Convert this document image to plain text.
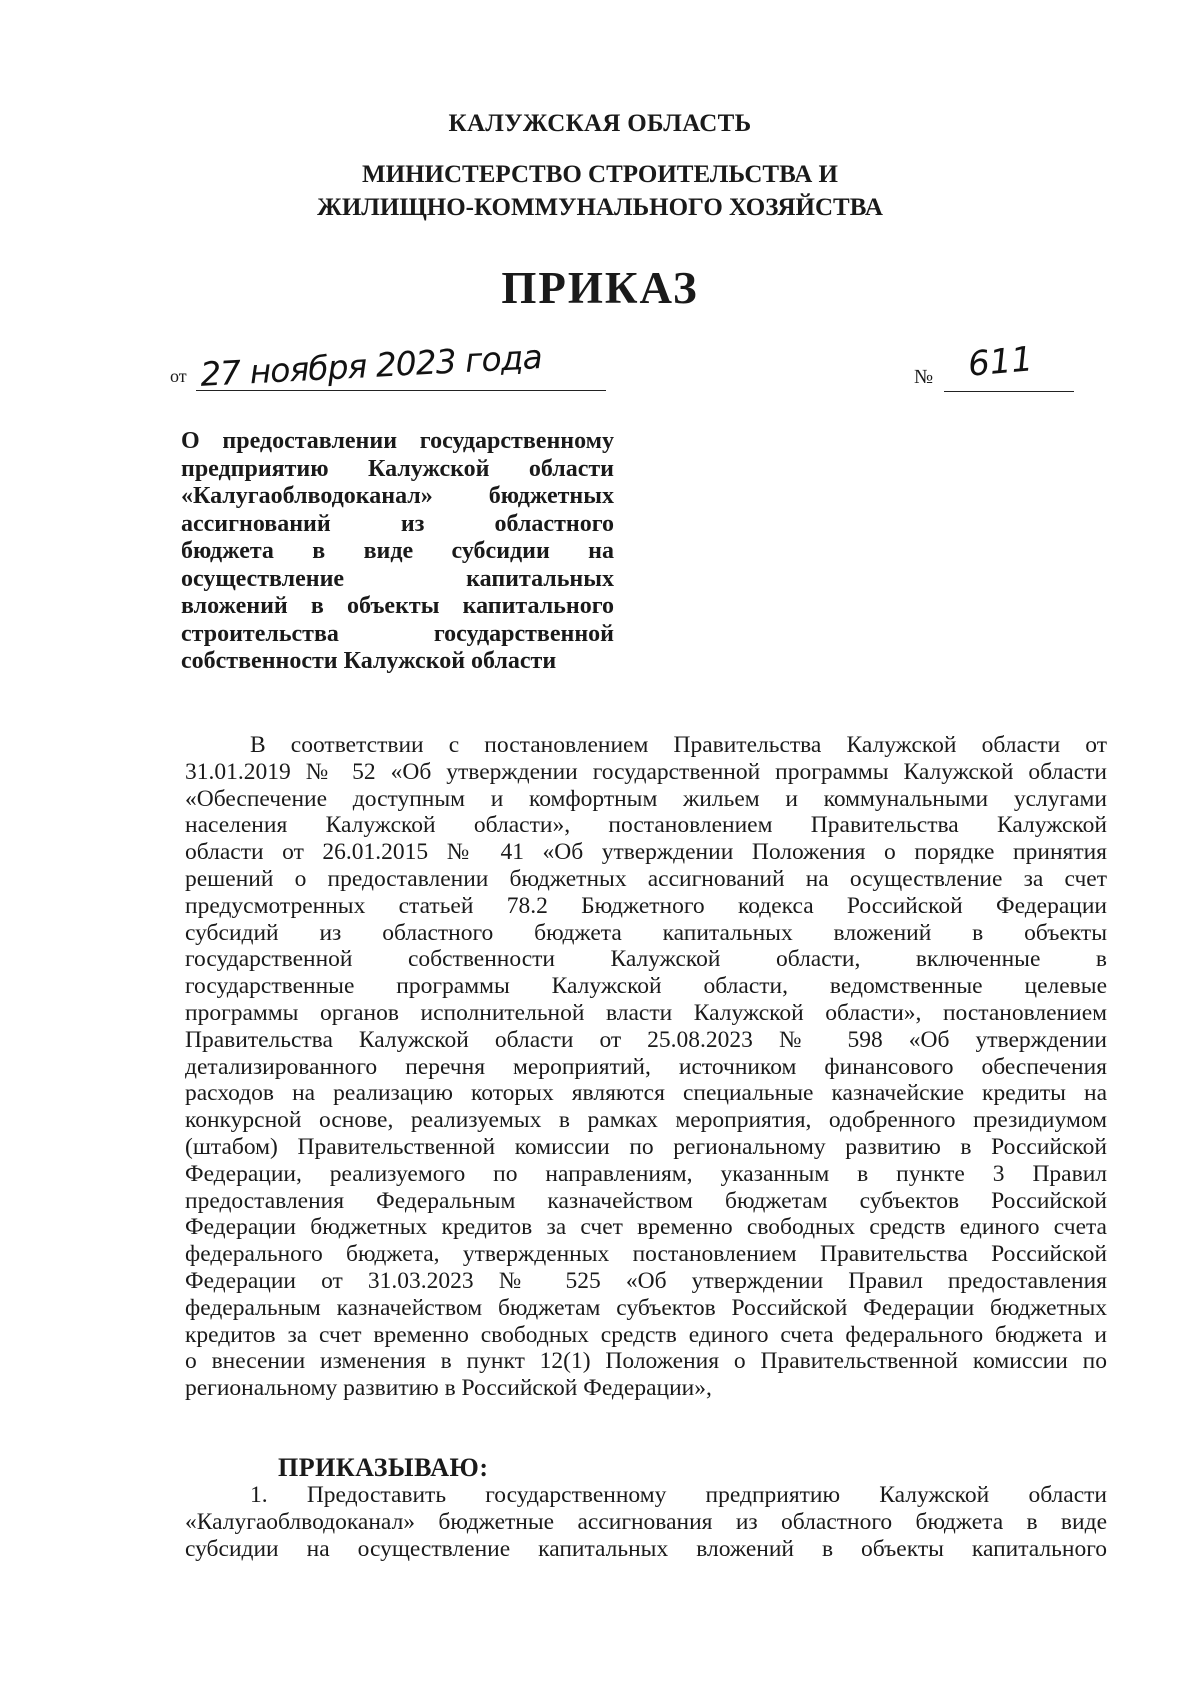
КАЛУЖСКАЯ ОБЛАСТЬ
МИНИСТЕРСТВО СТРОИТЕЛЬСТВА И
ЖИЛИЩНО-КОММУНАЛЬНОГО ХОЗЯЙСТВА
ПРИКАЗ
от 27 ноября 2023 года	№ 611
О предоставлении государственному
предприятию Калужской области
«Калугаоблводоканал» бюджетных
ассигнований из областного
бюджета в виде субсидии на
осуществление капитальных
вложений в объекты капитального
строительства государственной
собственности Калужской области
В соответствии с постановлением Правительства Калужской области от
31.01.2019 № 52 «Об утверждении государственной программы Калужской области
«Обеспечение доступным и комфортным жильем и коммунальными услугами
населения Калужской области», постановлением Правительства Калужской
области от 26.01.2015 № 41 «Об утверждении Положения о порядке принятия
решений о предоставлении бюджетных ассигнований на осуществление за счет
предусмотренных статьей 78.2 Бюджетного кодекса Российской Федерации
субсидий из областного бюджета капитальных вложений в объекты
государственной собственности Калужской области, включенные в
государственные программы Калужской области, ведомственные целевые
программы органов исполнительной власти Калужской области», постановлением
Правительства Калужской области от 25.08.2023 № 598 «Об утверждении
детализированного перечня мероприятий, источником финансового обеспечения
расходов на реализацию которых являются специальные казначейские кредиты на
конкурсной основе, реализуемых в рамках мероприятия, одобренного президиумом
(штабом) Правительственной комиссии по региональному развитию в Российской
Федерации, реализуемого по направлениям, указанным в пункте 3 Правил
предоставления Федеральным казначейством бюджетам субъектов Российской
Федерации бюджетных кредитов за счет временно свободных средств единого счета
федерального бюджета, утвержденных постановлением Правительства Российской
Федерации от 31.03.2023 № 525 «Об утверждении Правил предоставления
федеральным казначейством бюджетам субъектов Российской Федерации бюджетных
кредитов за счет временно свободных средств единого счета федерального бюджета и
о внесении изменения в пункт 12(1) Положения о Правительственной комиссии по
региональному развитию в Российской Федерации»,
ПРИКАЗЫВАЮ:
1. Предоставить государственному предприятию Калужской области
«Калугаоблводоканал» бюджетные ассигнования из областного бюджета в виде
субсидии на осуществление капитальных вложений в объекты капитального
